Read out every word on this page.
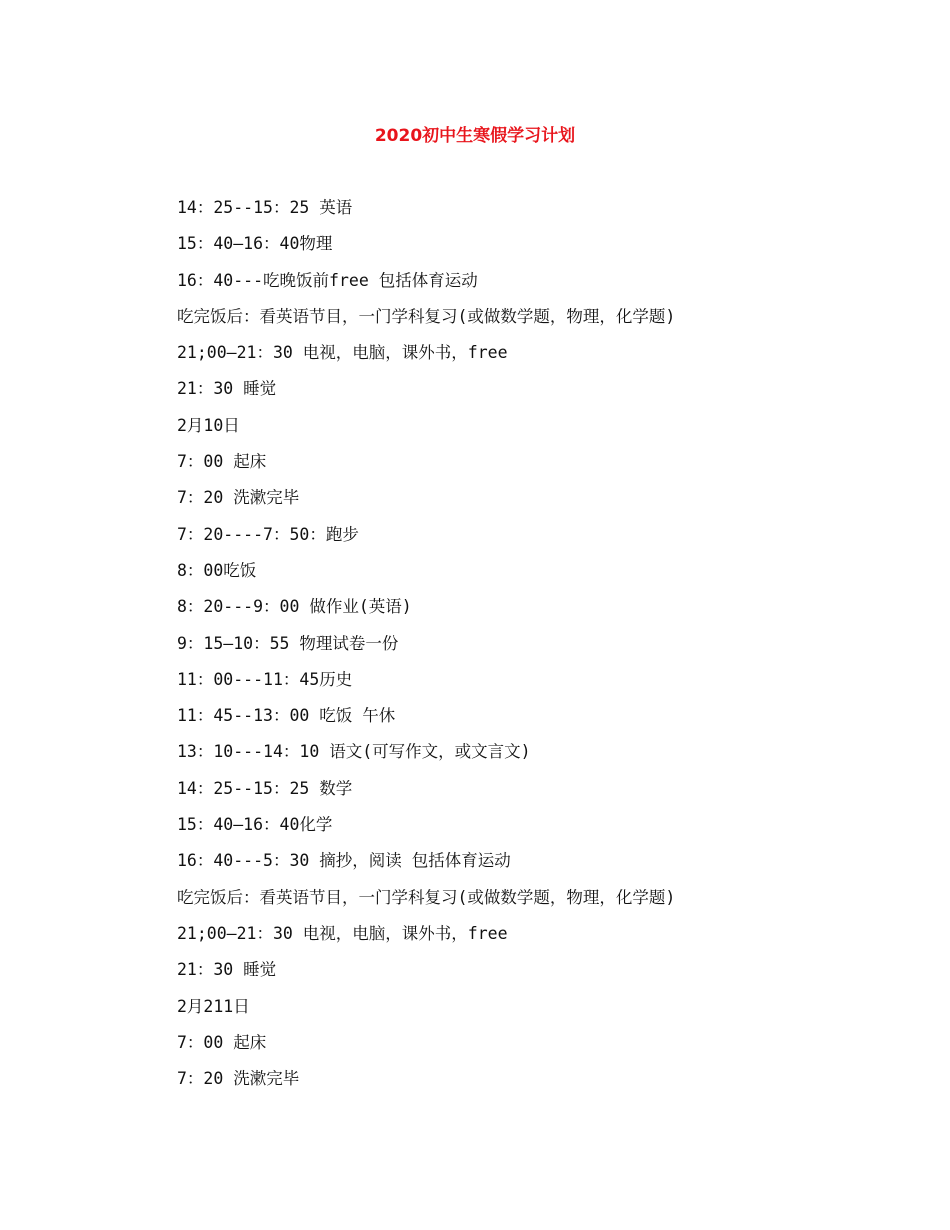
2020初中生寒假学习计划
14：25--15：25 英语
15：40—16：40物理
16：40---吃晚饭前free 包括体育运动
吃完饭后：看英语节目，一门学科复习(或做数学题，物理，化学题)
21;00—21：30 电视，电脑，课外书，free
21：30 睡觉
2月10日
7：00 起床
7：20 洗漱完毕
7：20----7：50：跑步
8：00吃饭
8：20---9：00 做作业(英语)
9：15—10：55 物理试卷一份
11：00---11：45历史
11：45--13：00 吃饭 午休
13：10---14：10 语文(可写作文，或文言文)
14：25--15：25 数学
15：40—16：40化学
16：40---5：30 摘抄，阅读 包括体育运动
吃完饭后：看英语节目，一门学科复习(或做数学题，物理，化学题)
21;00—21：30 电视，电脑，课外书，free
21：30 睡觉
2月211日
7：00 起床
7：20 洗漱完毕
